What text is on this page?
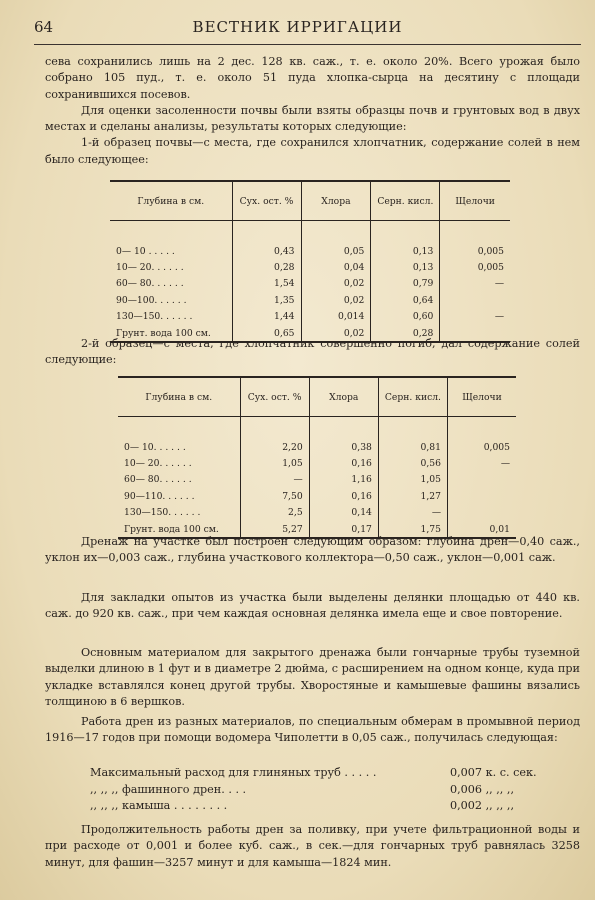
64	ВЕСТНИК ИРРИГАЦИИ

сева сохранились лишь на 2 дес. 128 кв. саж., т. е. около 20%. Всего урожая было собрано 105 пуд., т. е. около 51 пуда хлопка-сырца на десятину с площади сохранившихся посевов.

Для оценки засоленности почвы были взяты образцы почв и грунтовых вод в двух местах и сделаны анализы, результаты которых следующие:

1-й образец почвы—с места, где сохранился хлопчатник, содержание солей в нем было следующее:

Глубина в см.	Сух. ост. %	Хлора	Серн. кисл.	Щелочи
0— 10 . . . . .	0,43	0,05	0,13	0,005
10— 20. . . . . .	0,28	0,04	0,13	0,005
60— 80. . . . . .	1,54	0,02	0,79	—
90—100. . . . . .	1,35	0,02	0,64	
130—150. . . . . .	1,44	0,014	0,60	—
Грунт. вода 100 см.	0,65	0,02	0,28	

2-й образец—с места, где хлопчатник совершенно погиб, дал содержание солей следующие:

Глубина в см.	Сух. ост. %	Хлора	Серн. кисл.	Щелочи
0— 10. . . . . .	2,20	0,38	0,81	0,005
10— 20. . . . . .	1,05	0,16	0,56	—
60— 80. . . . . .	—	1,16	1,05	
90—110. . . . . .	7,50	0,16	1,27	
130—150. . . . . .	2,5	0,14	—	
Грунт. вода 100 см.	5,27	0,17	1,75	0,01

Дренаж на участке был построен следующим образом: глубина дрен—0,40 саж., уклон их—0,003 саж., глубина участкового коллектора—0,50 саж., уклон—0,001 саж.

Для закладки опытов из участка были выделены делянки площадью от 440 кв. саж. до 920 кв. саж., при чем каждая основная делянка имела еще и свое повторение.

Основным материалом для закрытого дренажа были гончарные трубы туземной выделки длиною в 1 фут и в диаметре 2 дюйма, с расширением на одном конце, куда при укладке вставлялся конец другой трубы. Хворостяные и камышевые фашины вязались толщиною в 6 вершков.

Работа дрен из разных материалов, по специальным обмерам в промывной период 1916—17 годов при помощи водомера Чиполетти в 0,05 саж., получилась следующая:

Максимальный расход для глиняных труб . . . . .	0,007 к. с. сек.
,, ,, ,, фашинного дрен. . . .	0,006 ,, ,, ,,
,, ,, ,, камыша . . . . . . . .	0,002 ,, ,, ,,

Продолжительность работы дрен за поливку, при учете фильтрационной воды и при расходе от 0,001 и более куб. саж., в сек.—для гончарных труб равнялась 3258 минут, для фашин—3257 минут и для камыша—1824 мин.
